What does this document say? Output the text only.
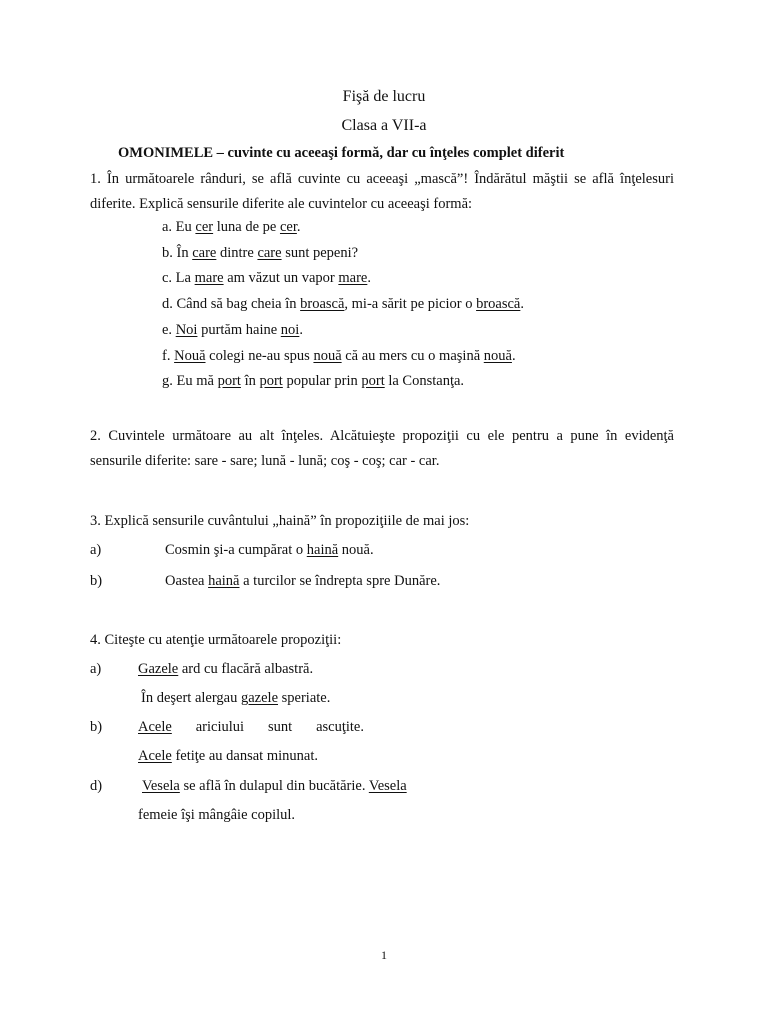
Fişă de lucru
Clasa a VII-a
OMONIMELE – cuvinte cu aceeaşi formă, dar cu înţeles complet diferit
1. În următoarele rânduri, se află cuvinte cu aceeaşi „mască”! Îndărătul măştii se află înţelesuri diferite. Explică sensurile diferite ale cuvintelor cu aceeaşi formă:
a. Eu cer luna de pe cer.
b. În care dintre care sunt pepeni?
c. La mare am văzut un vapor mare.
d. Când să bag cheia în broască, mi-a sărit pe picior o broască.
e. Noi purtăm haine noi.
f. Nouă colegi ne-au spus nouă că au mers cu o maşină nouă.
g. Eu mă port în port popular prin port la Constanţa.
2. Cuvintele următoare au alt înţeles. Alcătuieşte propoziţii cu ele pentru a pune în evidenţă sensurile diferite: sare - sare; lună - lună; coş - coş; car - car.
3. Explică sensurile cuvântului „haină” în propoziţiile de mai jos:
a)	Cosmin şi-a cumpărat o haină nouă.
b)	Oastea haină a turcilor se îndrepta spre Dunăre.
4. Citeşte cu atenţie următoarele propoziţii:
a)	Gazele ard cu flacără albastră.
În deşert alergau gazele speriate.
b) Acele ariciului sunt ascuţite.
Acele fetiţe au dansat minunat.
d)	Vesela se află în dulapul din bucătărie. Vesela
femeie îşi mângâie copilul.
1
